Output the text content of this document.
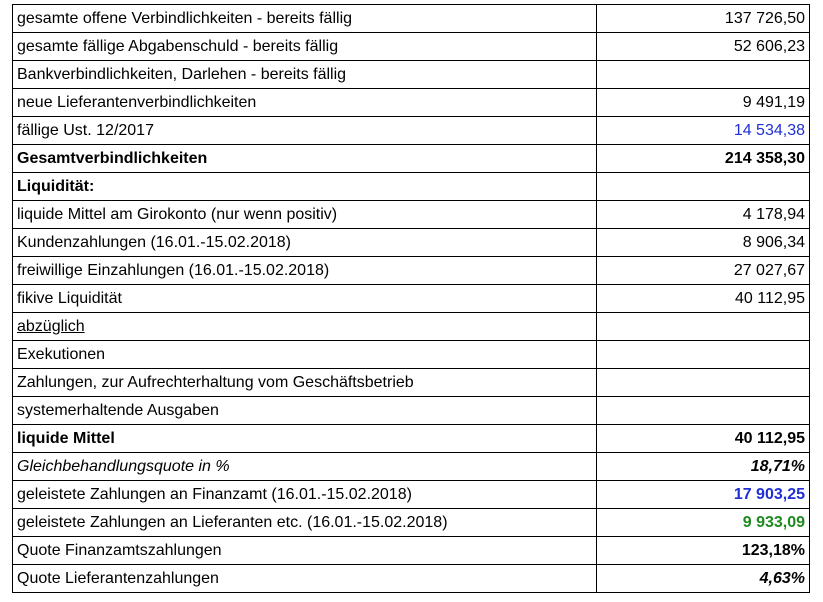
gesamte offene Verbindlichkeiten - bereits fällig	137 726,50
gesamte fällige Abgabenschuld - bereits fällig	52 606,23
Bankverbindlichkeiten, Darlehen - bereits fällig	
neue Lieferantenverbindlichkeiten	9 491,19
fällige Ust. 12/2017	14 534,38
Gesamtverbindlichkeiten	214 358,30
Liquidität:	
liquide Mittel am Girokonto (nur wenn positiv)	4 178,94
Kundenzahlungen (16.01.-15.02.2018)	8 906,34
freiwillige Einzahlungen (16.01.-15.02.2018)	27 027,67
fikive Liquidität	40 112,95
abzüglich	
Exekutionen	
Zahlungen, zur Aufrechterhaltung vom Geschäftsbetrieb	
systemerhaltende Ausgaben	
liquide Mittel	40 112,95
Gleichbehandlungsquote in %	18,71%
geleistete Zahlungen an Finanzamt (16.01.-15.02.2018)	17 903,25
geleistete Zahlungen an Lieferanten etc. (16.01.-15.02.2018)	9 933,09
Quote Finanzamtszahlungen	123,18%
Quote Lieferantenzahlungen	4,63%
